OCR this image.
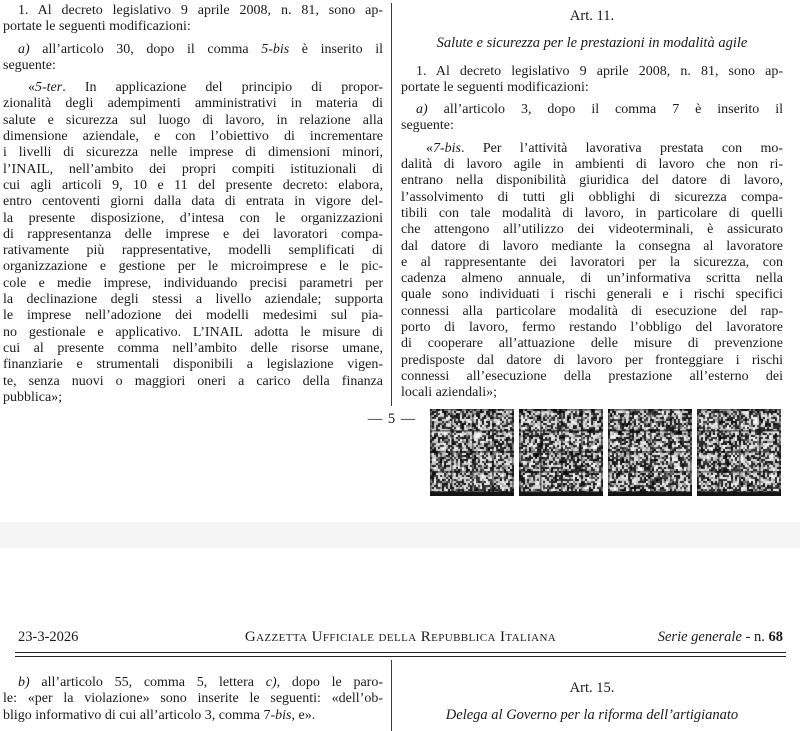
1. Al decreto legislativo 9 aprile 2008, n. 81, sono ap-
portate le seguenti modificazioni:
a) all’articolo 30, dopo il comma 5-bis è inserito il
seguente:
«5-ter. In applicazione del principio di propor-
zionalità degli adempimenti amministrativi in materia di
salute e sicurezza sul luogo di lavoro, in relazione alla
dimensione aziendale, e con l’obiettivo di incrementare
i livelli di sicurezza nelle imprese di dimensioni minori,
l’INAIL, nell’ambito dei propri compiti istituzionali di
cui agli articoli 9, 10 e 11 del presente decreto: elabora,
entro centoventi giorni dalla data di entrata in vigore del-
la presente disposizione, d’intesa con le organizzazioni
di rappresentanza delle imprese e dei lavoratori compa-
rativamente più rappresentative, modelli semplificati di
organizzazione e gestione per le microimprese e le pic-
cole e medie imprese, individuando precisi parametri per
la declinazione degli stessi a livello aziendale; supporta
le imprese nell’adozione dei modelli medesimi sul pia-
no gestionale e applicativo. L’INAIL adotta le misure di
cui al presente comma nell’ambito delle risorse umane,
finanziarie e strumentali disponibili a legislazione vigen-
te, senza nuovi o maggiori oneri a carico della finanza
pubblica»;
Art. 11.
Salute e sicurezza per le prestazioni in modalità agile
1. Al decreto legislativo 9 aprile 2008, n. 81, sono ap-
portate le seguenti modificazioni:
a) all’articolo 3, dopo il comma 7 è inserito il
seguente:
«7-bis. Per l’attività lavorativa prestata con mo-
dalità di lavoro agile in ambienti di lavoro che non ri-
entrano nella disponibilità giuridica del datore di lavoro,
l’assolvimento di tutti gli obblighi di sicurezza compa-
tibili con tale modalità di lavoro, in particolare di quelli
che attengono all’utilizzo dei videoterminali, è assicurato
dal datore di lavoro mediante la consegna al lavoratore
e al rappresentante dei lavoratori per la sicurezza, con
cadenza almeno annuale, di un’informativa scritta nella
quale sono individuati i rischi generali e i rischi specifici
connessi alla particolare modalità di esecuzione del rap-
porto di lavoro, fermo restando l’obbligo del lavoratore
di cooperare all’attuazione delle misure di prevenzione
predisposte dal datore di lavoro per fronteggiare i rischi
connessi all’esecuzione della prestazione all’esterno dei
locali aziendali»;
— 5 —
23-3-2026	Gazzetta Ufficiale della Repubblica Italiana	Serie generale - n. 68
b) all’articolo 55, comma 5, lettera c), dopo le paro-
le: «per la violazione» sono inserite le seguenti: «dell’ob-
bligo informativo di cui all’articolo 3, comma 7-bis, e».
Art. 15.
Delega al Governo per la riforma dell’artigianato
